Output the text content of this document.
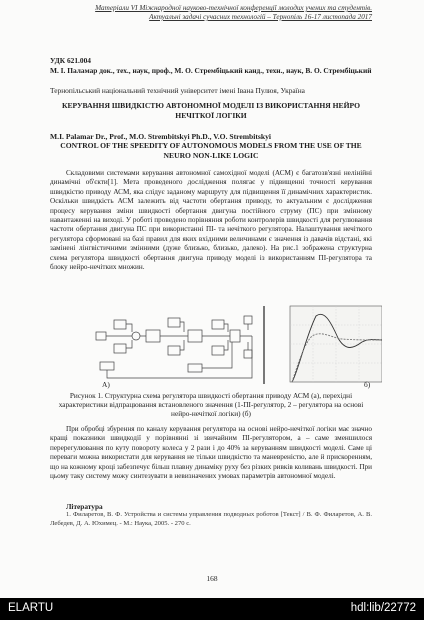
Матеріали VI Міжнародної науково-технічної конференції молодих учених та студентів.
Актуальні задачі сучасних технологій – Тернопіль 16-17 листопада 2017
УДК 621.004
М. І. Паламар док., тех., наук, проф., М. О. Стрембіцький канд., техн., наук, В. О. Стрембіцький
Тернопільський національний технічний університет імені Івана Пулюя, Україна
КЕРУВАННЯ ШВИДКІСТЮ АВТОНОМНОЇ МОДЕЛІ ІЗ ВИКОРИСТАННЯ НЕЙРО НЕЧІТКОЇ ЛОГІКИ
M.I. Palamar Dr., Prof., M.O. Strembitskyi Ph.D., V.O. Strembitskyi
CONTROL OF THE SPEEDITY OF AUTONOMOUS MODELS FROM THE USE OF THE NEURO NON-LIKE LOGIC
Складовими системами керування автономної самохідної моделі (АСМ) є багатозв'язні нелінійні динамічні об'єкти[1]. Мета проведеного дослідження полягає у підвищенні точності керування швидкістю приводу АСМ, яка слідує заданому маршруту для підвищення її динамічних характеристик. Оскільки швидкість АСМ залежить від частоти обертання приводу, то актуальним є дослідження процесу керування зміни швидкості обертання двигуна постійного струму (ПС) при змінному навантаженні на виході. У роботі проведено порівняння роботи контролерів швидкості для регулювання частоти обертання двигуна ПС при використанні ПІ- та нечіткого регулятора. Налаштування нечіткого регулятора сформовані на базі правил для яких вхідними величинами є значення із давачів відстані, які замінені лінгвістичними змінними (дуже близько, близько, далеко). На рис.1 зображена структурна схема регулятора швидкості обертання двигуна приводу моделі із використанням ПІ-регулятора та блоку нейро-нечітких множин.
А)	б)
Рисунок 1. Структурна схема регулятора швидкості обертання приводу АСМ (а), перехідні характеристики відпрацювання встановленого значення (1-ПІ-регулятор, 2 – регулятора на основі нейро-нечіткої логіки) (б)
При обробці збурення по каналу керування регулятора на основі нейро-нечіткої логіки має значно кращі показники швидкодії у порівнянні зі звичайним ПІ-регулятором, а – саме зменшилося перерегулювання по куту повороту колеса у 2 рази і до 40% за керуванням швидкості моделі. Саме ці переваги можна використати для керування не тільки швидкістю та маневреністю, але й прискоренням, що на кожному кроці забезпечує більш плавну динаміку руху без різких ривків коливань швидкості. При цьому таку систему можу синтезувати в невизначених умовах параметрів автономної моделі.
Література
1. Филаретов, В. Ф. Устройства и системы управления подводных роботов [Текст] / В. Ф. Филаретов, А. В. Лебедев, Д. А. Юхимец. - М.: Наука, 2005. - 270 с.
168
ELARTU	hdl:lib/22772
